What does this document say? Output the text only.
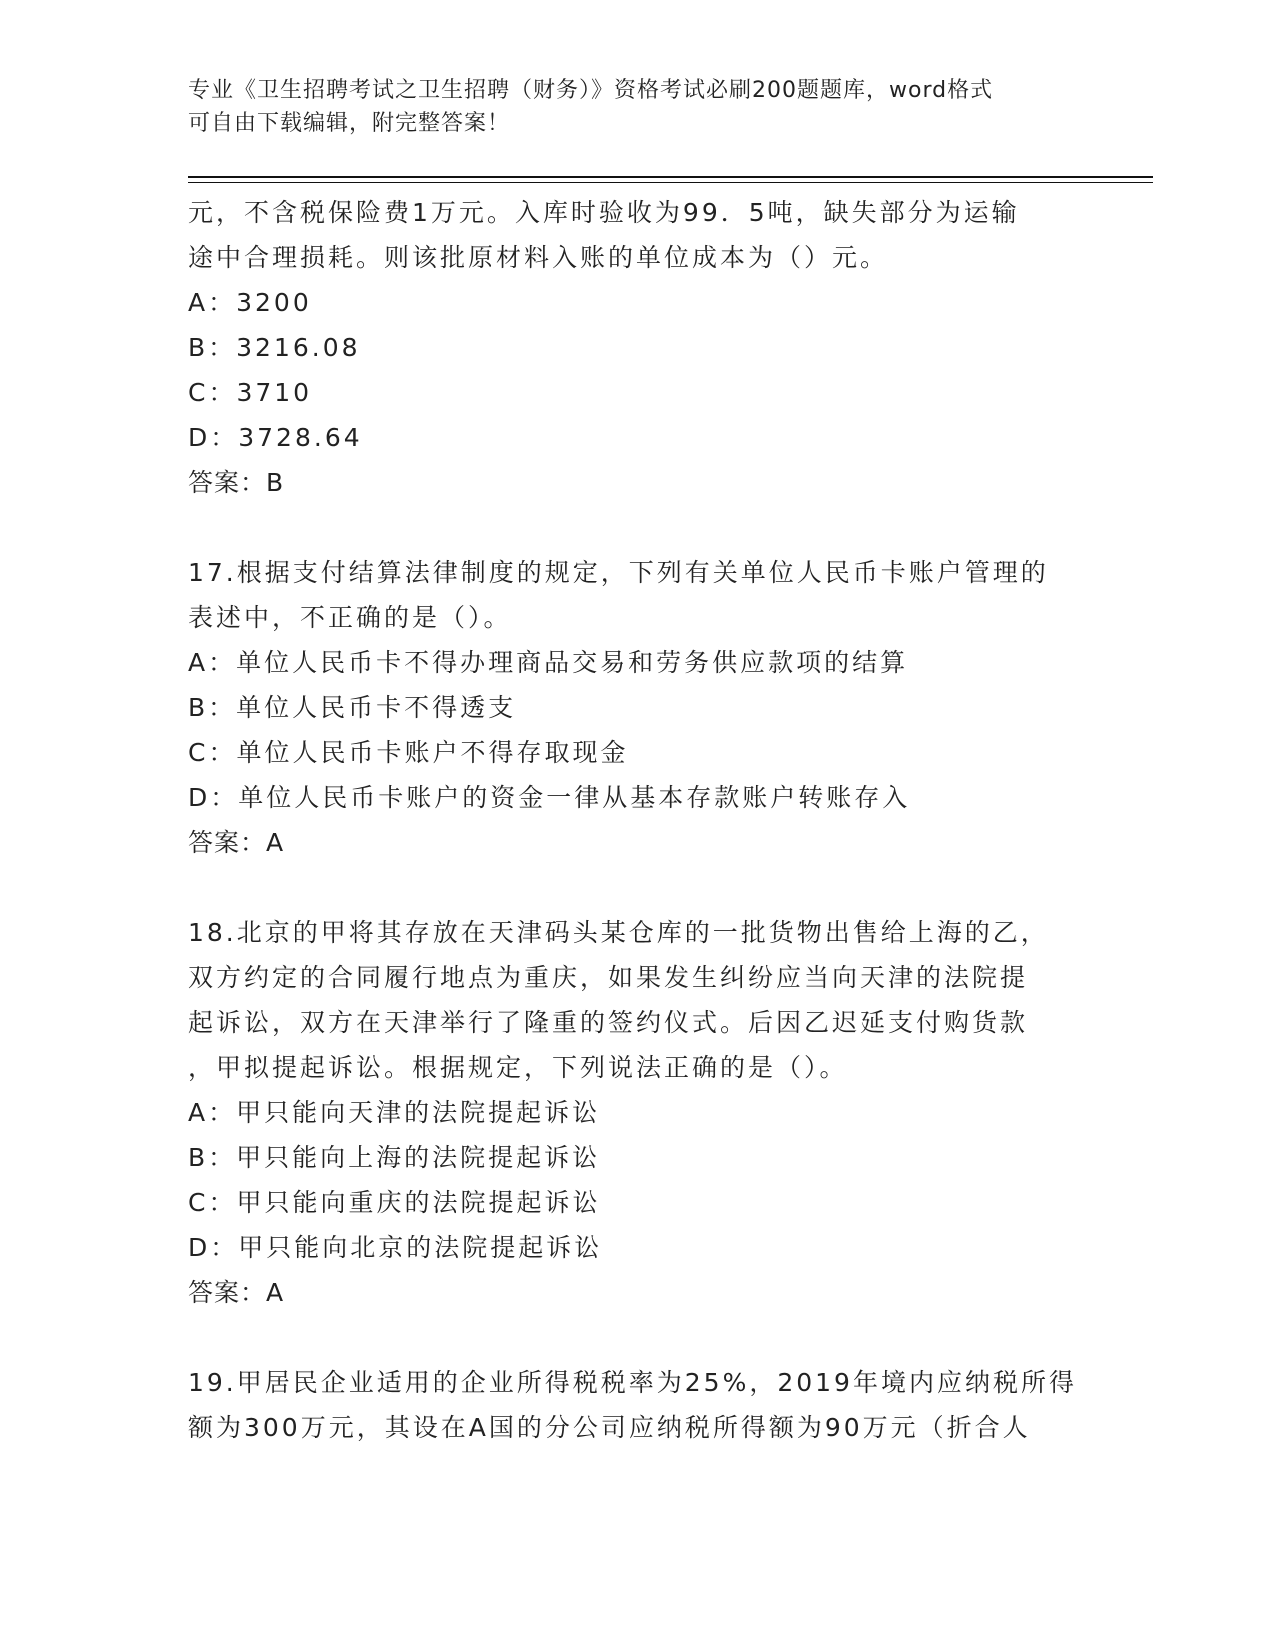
专业《卫生招聘考试之卫生招聘（财务）》资格考试必刷200题题库，word格式
可自由下载编辑，附完整答案！
元，不含税保险费1万元。入库时验收为99．5吨，缺失部分为运输
途中合理损耗。则该批原材料入账的单位成本为（）元。
A：3200
B：3216.08
C：3710
D：3728.64
答案：B
17.根据支付结算法律制度的规定，下列有关单位人民币卡账户管理的
表述中，不正确的是（）。
A：单位人民币卡不得办理商品交易和劳务供应款项的结算
B：单位人民币卡不得透支
C：单位人民币卡账户不得存取现金
D：单位人民币卡账户的资金一律从基本存款账户转账存入
答案：A
18.北京的甲将其存放在天津码头某仓库的一批货物出售给上海的乙，
双方约定的合同履行地点为重庆，如果发生纠纷应当向天津的法院提
起诉讼，双方在天津举行了隆重的签约仪式。后因乙迟延支付购货款
，甲拟提起诉讼。根据规定，下列说法正确的是（）。
A：甲只能向天津的法院提起诉讼
B：甲只能向上海的法院提起诉讼
C：甲只能向重庆的法院提起诉讼
D：甲只能向北京的法院提起诉讼
答案：A
19.甲居民企业适用的企业所得税税率为25%，2019年境内应纳税所得
额为300万元，其设在A国的分公司应纳税所得额为90万元（折合人
